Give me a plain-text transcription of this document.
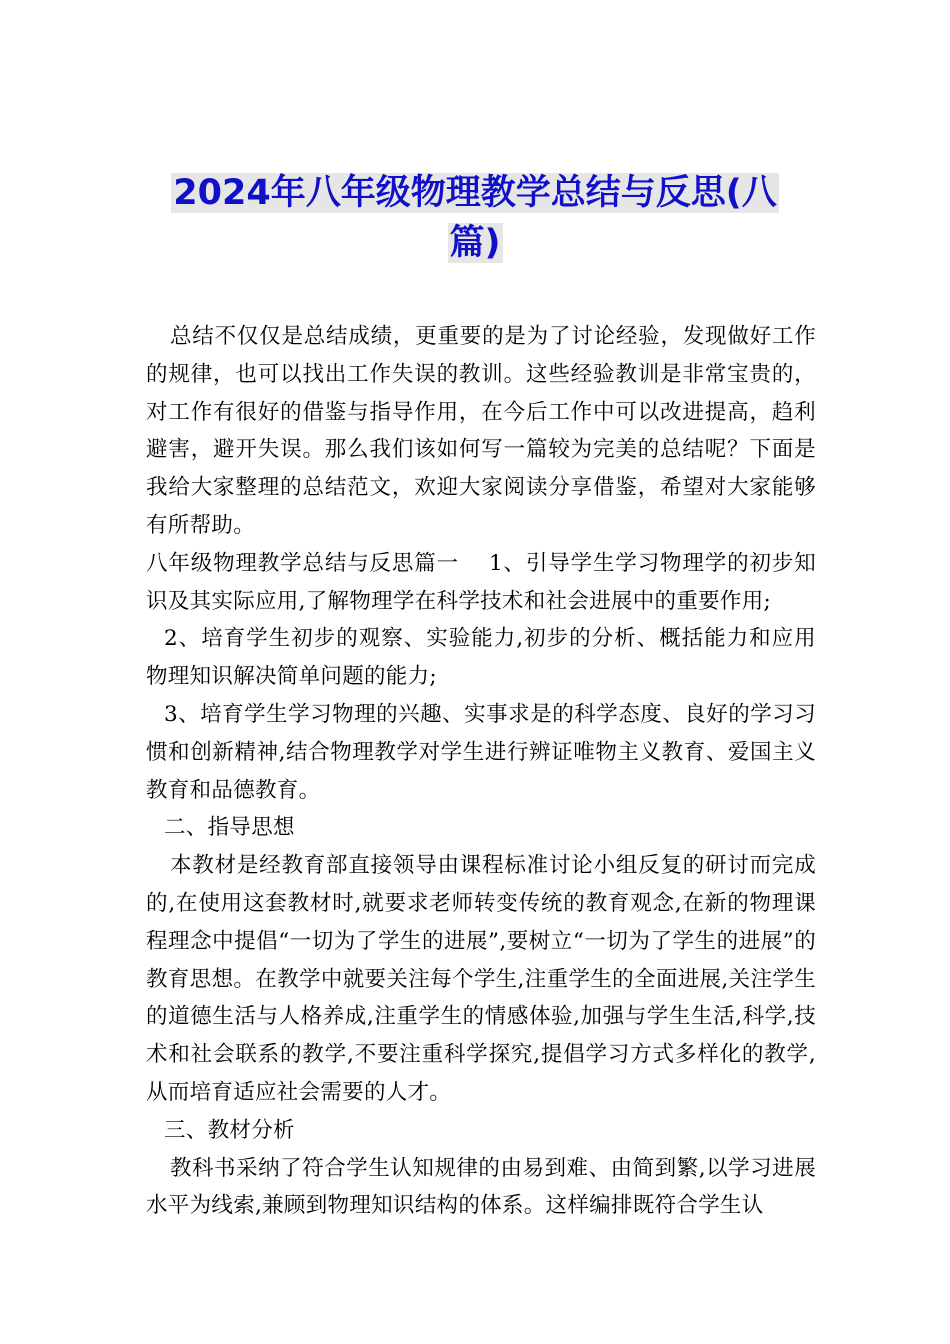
2024年八年级物理教学总结与反思(八
篇)

总结不仅仅是总结成绩，更重要的是为了讨论经验，发现做好工作的规律，也可以找出工作失误的教训。这些经验教训是非常宝贵的，对工作有很好的借鉴与指导作用，在今后工作中可以改进提高，趋利避害，避开失误。那么我们该如何写一篇较为完美的总结呢？下面是我给大家整理的总结范文，欢迎大家阅读分享借鉴，希望对大家能够有所帮助。

八年级物理教学总结与反思篇一　 1、引导学生学习物理学的初步知识及其实际应用,了解物理学在科学技术和社会进展中的重要作用;

2、培育学生初步的观察、实验能力,初步的分析、概括能力和应用物理知识解决简单问题的能力;

3、培育学生学习物理的兴趣、实事求是的科学态度、良好的学习习惯和创新精神,结合物理教学对学生进行辨证唯物主义教育、爱国主义教育和品德教育。

二、指导思想

本教材是经教育部直接领导由课程标准讨论小组反复的研讨而完成的,在使用这套教材时,就要求老师转变传统的教育观念,在新的物理课程理念中提倡“一切为了学生的进展”,要树立“一切为了学生的进展”的教育思想。在教学中就要关注每个学生,注重学生的全面进展,关注学生的道德生活与人格养成,注重学生的情感体验,加强与学生生活,科学,技术和社会联系的教学,不要注重科学探究,提倡学习方式多样化的教学,从而培育适应社会需要的人才。

三、教材分析

教科书采纳了符合学生认知规律的由易到难、由简到繁,以学习进展水平为线索,兼顾到物理知识结构的体系。这样编排既符合学生认
